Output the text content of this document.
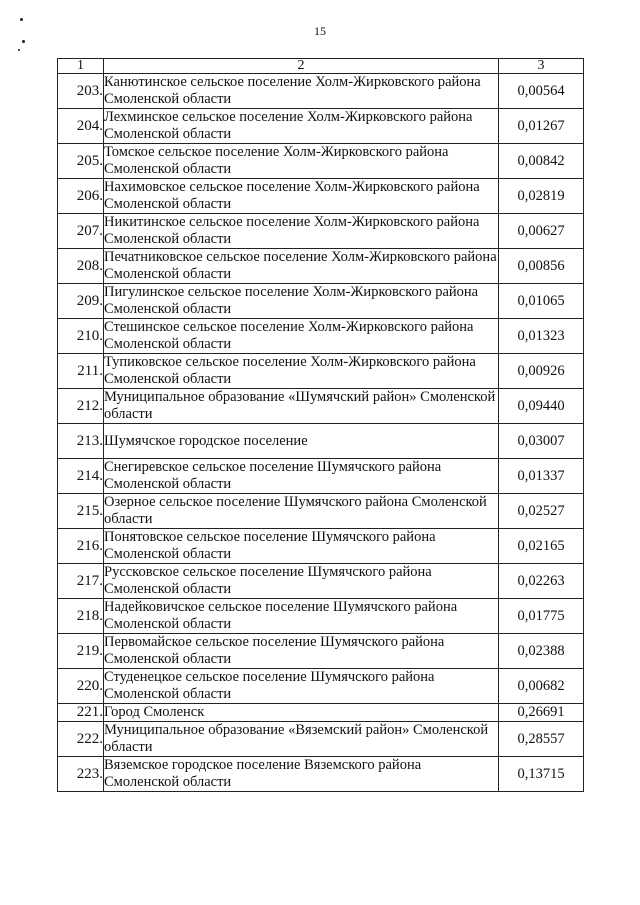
15
1	2	3
203.	Канютинское сельское поселение Холм-Жирковского района Смоленской области	0,00564
204.	Лехминское сельское поселение Холм-Жирковского района Смоленской области	0,01267
205.	Томское сельское поселение Холм-Жирковского района Смоленской области	0,00842
206.	Нахимовское сельское поселение Холм-Жирковского района Смоленской области	0,02819
207.	Никитинское сельское поселение Холм-Жирковского района Смоленской области	0,00627
208.	Печатниковское сельское поселение Холм-Жирковского района Смоленской области	0,00856
209.	Пигулинское сельское поселение Холм-Жирковского района Смоленской области	0,01065
210.	Стешинское сельское поселение Холм-Жирковского района Смоленской области	0,01323
211.	Тупиковское сельское поселение Холм-Жирковского района Смоленской области	0,00926
212.	Муниципальное образование «Шумячский район» Смоленской области	0,09440
213.	Шумячское городское поселение	0,03007
214.	Снегиревское сельское поселение Шумячского района Смоленской области	0,01337
215.	Озерное сельское поселение Шумячского района Смоленской области	0,02527
216.	Понятовское сельское поселение Шумячского района Смоленской области	0,02165
217.	Руссковское сельское поселение Шумячского района Смоленской области	0,02263
218.	Надейковичское сельское поселение Шумячского района Смоленской области	0,01775
219.	Первомайское сельское поселение Шумячского района Смоленской области	0,02388
220.	Студенецкое сельское поселение Шумячского района Смоленской области	0,00682
221.	Город Смоленск	0,26691
222.	Муниципальное образование «Вяземский район» Смоленской области	0,28557
223.	Вяземское городское поселение Вяземского района Смоленской области	0,13715
